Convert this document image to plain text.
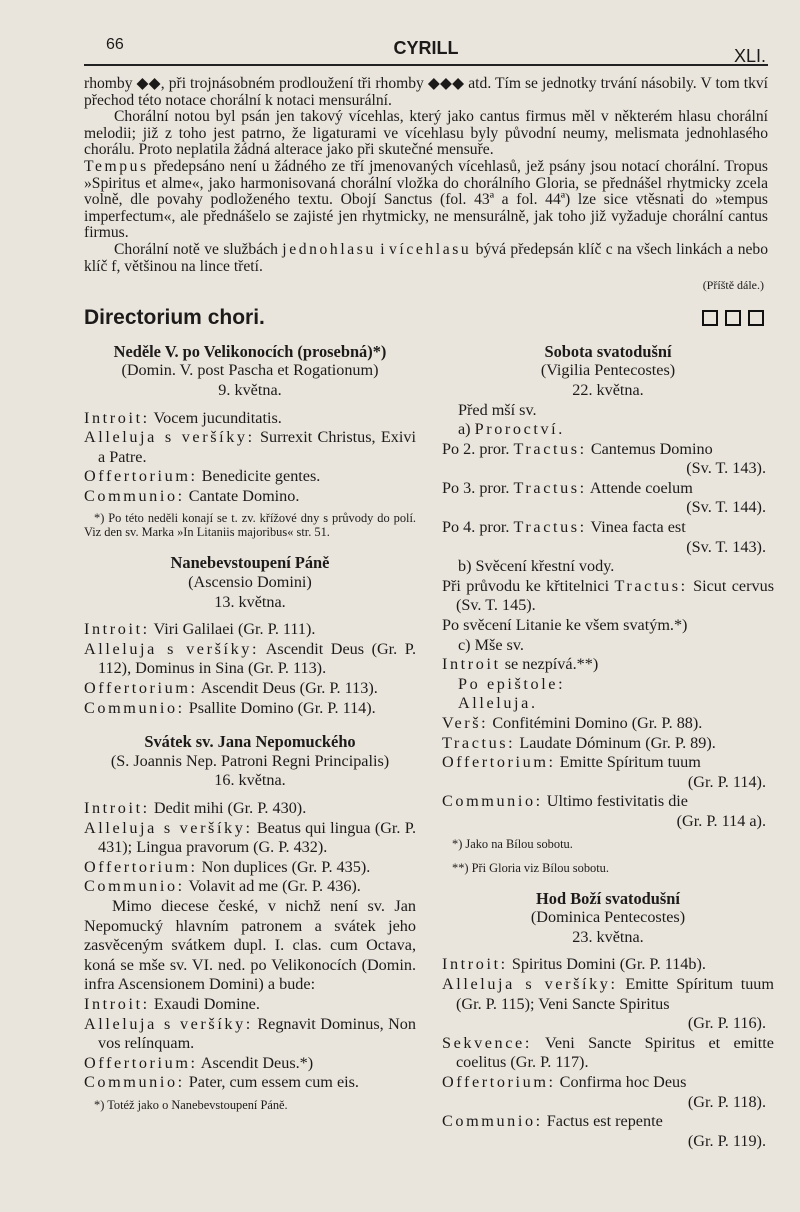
66	CYRILL	XLI.

rhomby ◆◆, při trojnásobném prodloužení tři rhomby ◆◆◆ atd. Tím se jednotky trvání násobily. V tom tkví přechod této notace chorální k notaci mensurální.

Chorální notou byl psán jen takový vícehlas, který jako cantus firmus měl v některém hlasu chorální melodii; již z toho jest patrno, že ligaturami ve vícehlasu byly původní neumy, melismata jednohlasého chorálu. Proto neplatila žádná alterace jako při skutečné mensuře.

Tempus předepsáno není u žádného ze tří jmenovaných vícehlasů, jež psány jsou notací chorální. Tropus »Spiritus et alme«, jako harmonisovaná chorální vložka do chorálního Gloria, se přednášel rhytmicky zcela volně, dle povahy podloženého textu. Obojí Sanctus (fol. 43ª a fol. 44ª) lze sice vtěsnati do »tempus imperfectum«, ale přednášelo se zajisté jen rhytmicky, ne mensurálně, jak toho již vyžaduje chorální cantus firmus.

Chorální notě ve službách jednohlasu i vícehlasu bývá předepsán klíč c na všech linkách a nebo klíč f, většinou na lince třetí.

(Příště dále.)
Directorium chori.
Neděle V. po Velikonocích (prosebná)*)
(Domin. V. post Pascha et Rogationum)
9. května.
Introit: Vocem jucunditatis.
Alleluja s veršíky: Surrexit Christus, Exivi a Patre.
Offertorium: Benedicite gentes.
Communio: Cantate Domino.
*) Po této neděli konají se t. zv. křížové dny s průvody do polí. Viz den sv. Marka »In Litaniis majoribus« str. 51.
Nanebevstoupení Páně
(Ascensio Domini)
13. května.
Introit: Viri Galilaei (Gr. P. 111).
Alleluja s veršíky: Ascendit Deus (Gr. P. 112), Dominus in Sina (Gr. P. 113).
Offertorium: Ascendit Deus (Gr. P. 113).
Communio: Psallite Domino (Gr. P. 114).
Svátek sv. Jana Nepomuckého
(S. Joannis Nep. Patroni Regni Principalis)
16. května.
Introit: Dedit mihi (Gr. P. 430).
Alleluja s veršíky: Beatus qui lingua (Gr. P. 431); Lingua pravorum (G. P. 432).
Offertorium: Non duplices (Gr. P. 435).
Communio: Volavit ad me (Gr. P. 436).
Mimo diecese české, v nichž není sv. Jan Nepomucký hlavním patronem a svátek jeho zasvěceným svátkem dupl. I. clas. cum Octava, koná se mše sv. VI. ned. po Velikonocích (Domin. infra Ascensionem Domini) a bude:
Introit: Exaudi Domine.
Alleluja s veršíky: Regnavit Dominus, Non vos relínquam.
Offertorium: Ascendit Deus.*)
Communio: Pater, cum essem cum eis.
*) Totéž jako o Nanebevstoupení Páně.
Sobota svatodušní
(Vigilia Pentecostes)
22. května.
Před mší sv.
a) Proroctví.
Po 2. pror. Tractus: Cantemus Domino
(Sv. T. 143).
Po 3. pror. Tractus: Attende coelum
(Sv. T. 144).
Po 4. pror. Tractus: Vinea facta est
(Sv. T. 143).
b) Svěcení křestní vody.
Při průvodu ke křtitelnici Tractus: Sicut cervus (Sv. T. 145).
Po svěcení Litanie ke všem svatým.*)
c) Mše sv.
Introit se nezpívá.**)
Po epištole:
Alleluja.
Verš: Confitémini Domino (Gr. P. 88).
Tractus: Laudate Dóminum (Gr. P. 89).
Offertorium: Emitte Spíritum tuum
(Gr. P. 114).
Communio: Ultimo festivitatis die
(Gr. P. 114 a).
*) Jako na Bílou sobotu.
**) Při Gloria viz Bílou sobotu.
Hod Boží svatodušní
(Dominica Pentecostes)
23. května.
Introit: Spiritus Domini (Gr. P. 114b).
Alleluja s veršíky: Emitte Spíritum tuum (Gr. P. 115); Veni Sancte Spiritus
(Gr. P. 116).
Sekvence: Veni Sancte Spiritus et emitte coelitus (Gr. P. 117).
Offertorium: Confirma hoc Deus
(Gr. P. 118).
Communio: Factus est repente
(Gr. P. 119).
